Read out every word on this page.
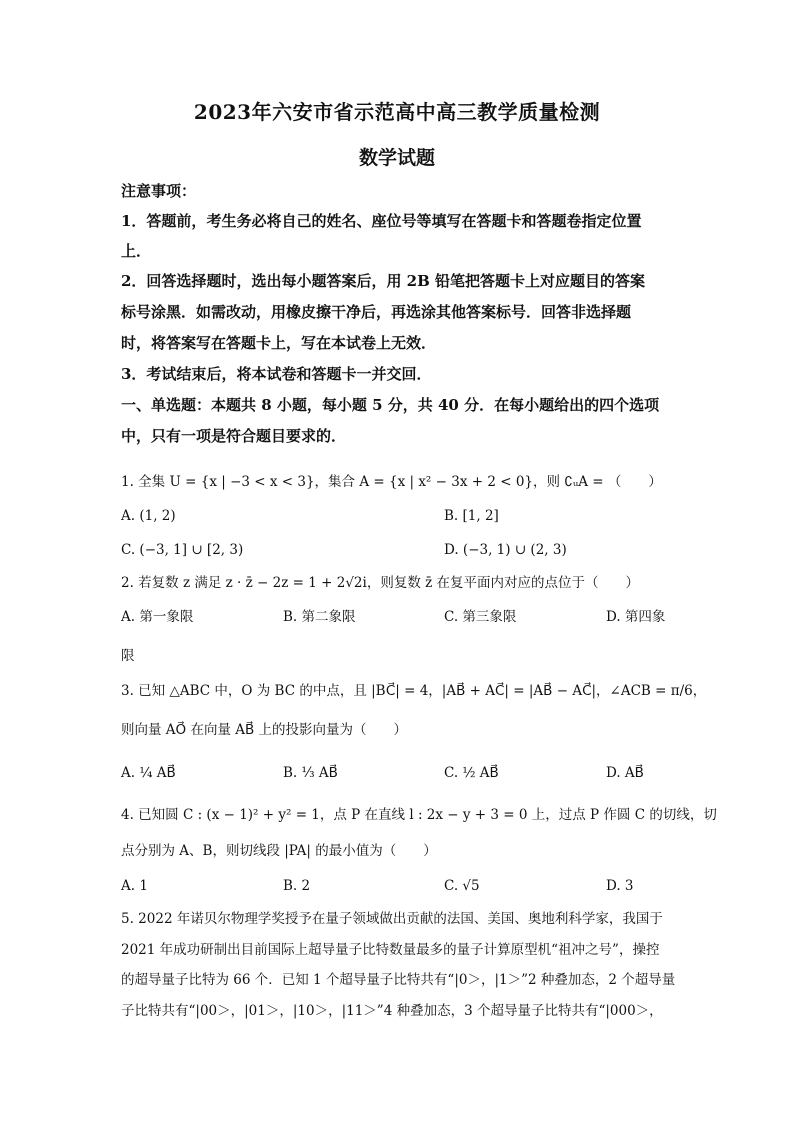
2023年六安市省示范高中高三教学质量检测
数学试题
注意事项：
1．答题前，考生务必将自己的姓名、座位号等填写在答题卡和答题卷指定位置
上．
2．回答选择题时，选出每小题答案后，用 2B 铅笔把答题卡上对应题目的答案
标号涂黑．如需改动，用橡皮擦干净后，再选涂其他答案标号．回答非选择题
时，将答案写在答题卡上，写在本试卷上无效．
3．考试结束后，将本试卷和答题卡一并交回．
一、单选题：本题共 8 小题，每小题 5 分，共 40 分．在每小题给出的四个选项
中，只有一项是符合题目要求的．
1. 全集 U = {x | −3 < x < 3}，集合 A = {x | x² − 3x + 2 < 0}，则 ∁ᵤA = （　　）
A. (1, 2)	B. [1, 2]
C. (−3, 1] ∪ [2, 3)	D. (−3, 1) ∪ (2, 3)
2. 若复数 z 满足 z · z̄ − 2z = 1 + 2√2i，则复数 z̄ 在复平面内对应的点位于（　　）
A. 第一象限	B. 第二象限	C. 第三象限	D. 第四象
限
3. 已知 △ABC 中，O 为 BC 的中点，且 |BC⃗| = 4，|AB⃗ + AC⃗| = |AB⃗ − AC⃗|，∠ACB = π/6，
则向量 AO⃗ 在向量 AB⃗ 上的投影向量为（　　）
A. ¼ AB⃗	B. ⅓ AB⃗	C. ½ AB⃗	D. AB⃗
4. 已知圆 C : (x − 1)² + y² = 1，点 P 在直线 l : 2x − y + 3 = 0 上，过点 P 作圆 C 的切线，切
点分别为 A、B，则切线段 |PA| 的最小值为（　　）
A. 1	B. 2	C. √5	D. 3
5. 2022 年诺贝尔物理学奖授予在量子领域做出贡献的法国、美国、奥地利科学家，我国于
2021 年成功研制出目前国际上超导量子比特数量最多的量子计算原型机“祖冲之号”，操控
的超导量子比特为 66 个．已知 1 个超导量子比特共有“|0＞，|1＞”2 种叠加态，2 个超导量
子比特共有“|00＞，|01＞，|10＞，|11＞”4 种叠加态，3 个超导量子比特共有“|000＞，
